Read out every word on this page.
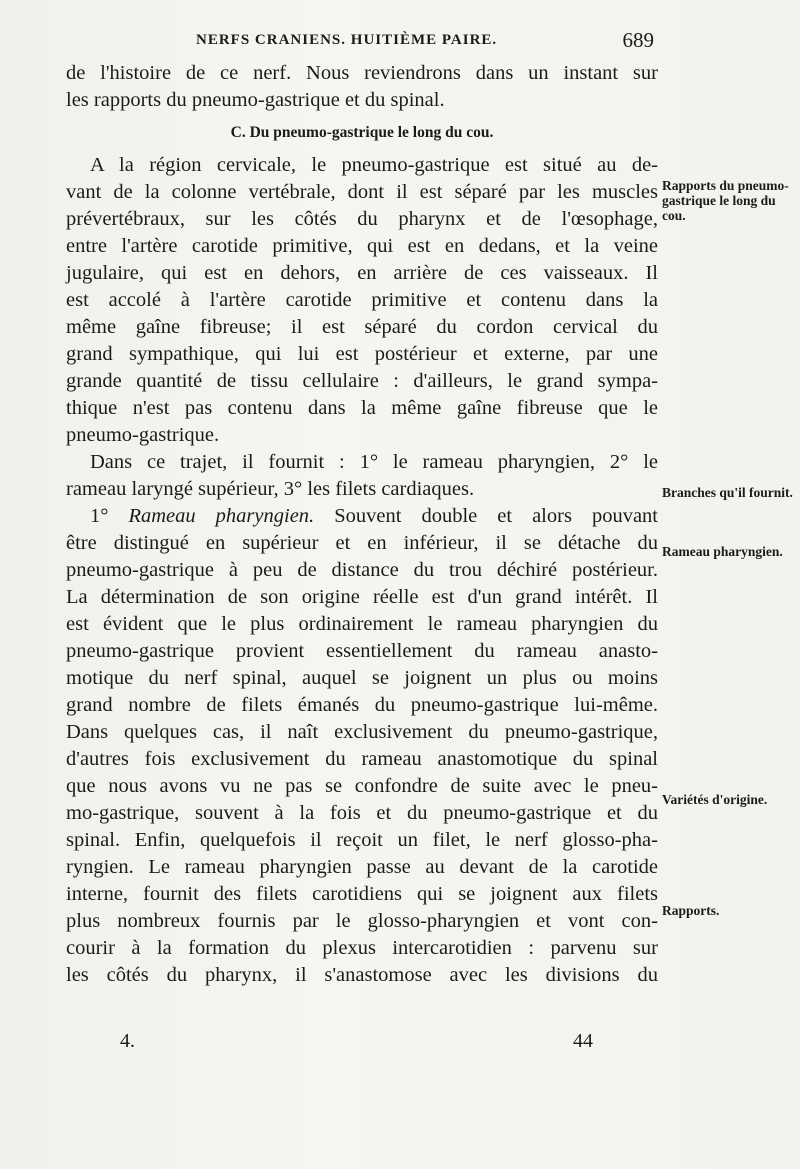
NERFS CRANIENS. HUITIÈME PAIRE.	689

de l'histoire de ce nerf. Nous reviendrons dans un instant sur
les rapports du pneumo-gastrique et du spinal.

C. Du pneumo-gastrique le long du cou.

A la région cervicale, le pneumo-gastrique est situé au de-
vant de la colonne vertébrale, dont il est séparé par les muscles
prévertébraux, sur les côtés du pharynx et de l'œsophage,
entre l'artère carotide primitive, qui est en dedans, et la veine
jugulaire, qui est en dehors, en arrière de ces vaisseaux. Il
est accolé à l'artère carotide primitive et contenu dans la
même gaîne fibreuse; il est séparé du cordon cervical du
grand sympathique, qui lui est postérieur et externe, par une
grande quantité de tissu cellulaire : d'ailleurs, le grand sympa-
thique n'est pas contenu dans la même gaîne fibreuse que le
pneumo-gastrique.

Dans ce trajet, il fournit : 1° le rameau pharyngien, 2° le
rameau laryngé supérieur, 3° les filets cardiaques.

1° Rameau pharyngien. Souvent double et alors pouvant
être distingué en supérieur et en inférieur, il se détache du
pneumo-gastrique à peu de distance du trou déchiré postérieur.
La détermination de son origine réelle est d'un grand intérêt. Il
est évident que le plus ordinairement le rameau pharyngien du
pneumo-gastrique provient essentiellement du rameau anasto-
motique du nerf spinal, auquel se joignent un plus ou moins
grand nombre de filets émanés du pneumo-gastrique lui-même.
Dans quelques cas, il naît exclusivement du pneumo-gastrique,
d'autres fois exclusivement du rameau anastomotique du spinal
que nous avons vu ne pas se confondre de suite avec le pneu-
mo-gastrique, souvent à la fois et du pneumo-gastrique et du
spinal. Enfin, quelquefois il reçoit un filet, le nerf glosso-pha-
ryngien. Le rameau pharyngien passe au devant de la carotide
interne, fournit des filets carotidiens qui se joignent aux filets
plus nombreux fournis par le glosso-pharyngien et vont con-
courir à la formation du plexus intercarotidien : parvenu sur
les côtés du pharynx, il s'anastomose avec les divisions du

Rapports du pneumo-gastrique le long du cou.
Branches qu'il fournit.
Rameau pharyngien.
Variétés d'origine.
Rapports.
4.	44
